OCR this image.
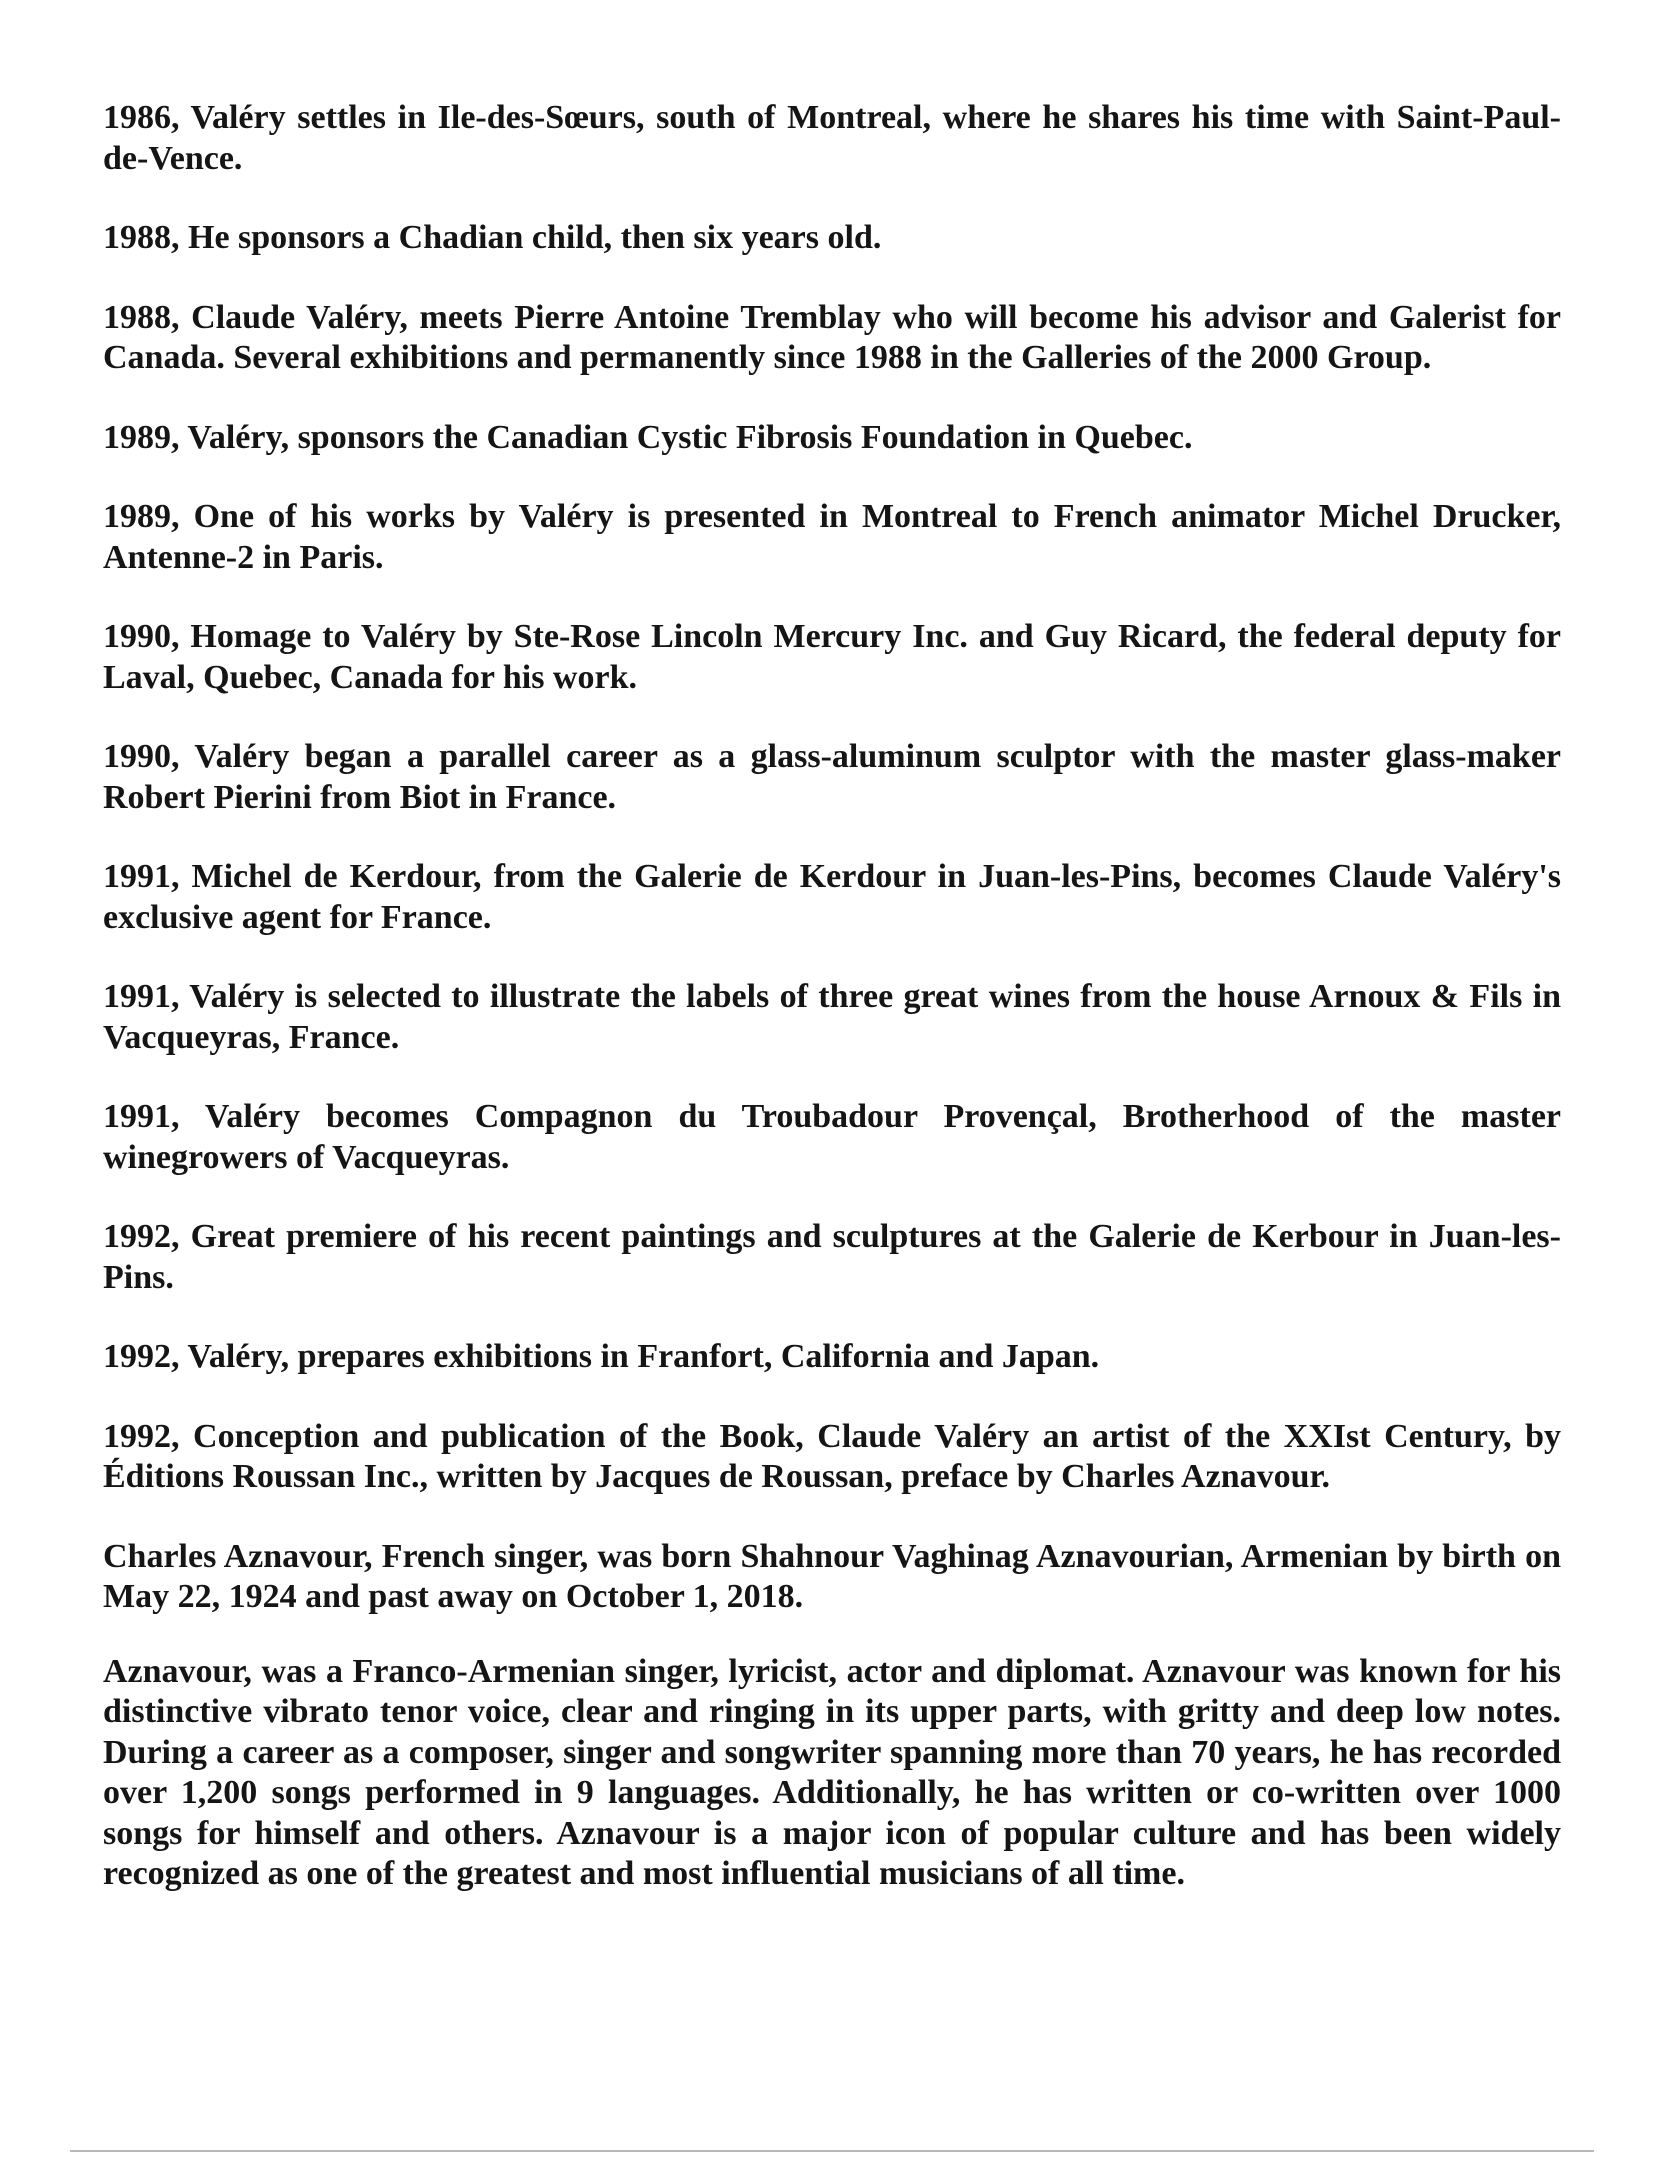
1986, Valéry settles in Ile-des-Sœurs, south of Montreal, where he shares his time with Saint-Paul-de-Vence.

1988, He sponsors a Chadian child, then six years old.

1988, Claude Valéry, meets Pierre Antoine Tremblay who will become his advisor and Galerist for Canada. Several exhibitions and permanently since 1988 in the Galleries of the 2000 Group.

1989, Valéry, sponsors the Canadian Cystic Fibrosis Foundation in Quebec.

1989, One of his works by Valéry is presented in Montreal to French animator Michel Drucker, Antenne-2 in Paris.

1990, Homage to Valéry by Ste-Rose Lincoln Mercury Inc. and Guy Ricard, the federal deputy for Laval, Quebec, Canada for his work.

1990, Valéry began a parallel career as a glass-aluminum sculptor with the master glass-maker Robert Pierini from Biot in France.

1991, Michel de Kerdour, from the Galerie de Kerdour in Juan-les-Pins, becomes Claude Valéry's exclusive agent for France.

1991, Valéry is selected to illustrate the labels of three great wines from the house Arnoux & Fils in Vacqueyras, France.

1991, Valéry becomes Compagnon du Troubadour Provençal, Brotherhood of the master winegrowers of Vacqueyras.

1992, Great premiere of his recent paintings and sculptures at the Galerie de Kerbour in Juan-les-Pins.

1992, Valéry, prepares exhibitions in Franfort, California and Japan.

1992, Conception and publication of the Book, Claude Valéry an artist of the XXIst Century, by Éditions Roussan Inc., written by Jacques de Roussan, preface by Charles Aznavour.

Charles Aznavour, French singer, was born Shahnour Vaghinag Aznavourian, Armenian by birth on May 22, 1924 and past away on October 1, 2018.

Aznavour, was a Franco-Armenian singer, lyricist, actor and diplomat. Aznavour was known for his distinctive vibrato tenor voice, clear and ringing in its upper parts, with gritty and deep low notes. During a career as a composer, singer and songwriter spanning more than 70 years, he has recorded over 1,200 songs performed in 9 languages. Additionally, he has written or co-written over 1000 songs for himself and others. Aznavour is a major icon of popular culture and has been widely recognized as one of the greatest and most influential musicians of all time.
